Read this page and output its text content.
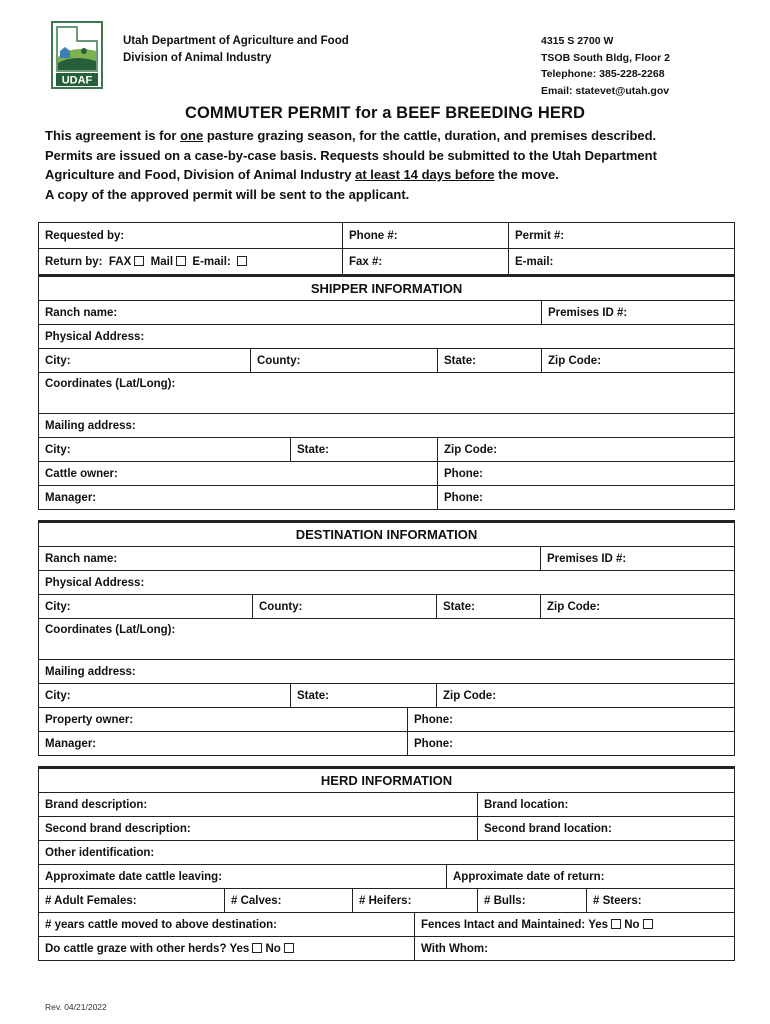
UDAF
Utah Department of Agriculture and Food
Division of Animal Industry
4315 S 2700 W
TSOB South Bldg, Floor 2
Telephone: 385-228-2268
Email: statevet@utah.gov
COMMUTER PERMIT for a BEEF BREEDING HERD
This agreement is for one pasture grazing season, for the cattle, duration, and premises described.
Permits are issued on a case-by-case basis. Requests should be submitted to the Utah Department
Agriculture and Food, Division of Animal Industry at least 14 days before the move.
A copy of the approved permit will be sent to the applicant.
Requested by:	Phone #:	Permit #:
Return by: FAX Mail E-mail:	Fax #:	E-mail:
SHIPPER INFORMATION				
Ranch name:				Premises ID #:
Physical Address:				
City:	County:		State:	Zip Code:
Coordinates (Lat/Long):				
Mailing address:				
City:		State:	Zip Code:	
Cattle owner:			Phone:	
Manager:			Phone:	
DESTINATION INFORMATION					
Ranch name:					Premises ID #:
Physical Address:					
City:	County:			State:	Zip Code:
Coordinates (Lat/Long):					
Mailing address:					
City:		State:		Zip Code:	
Property owner:			Phone:		
Manager:			Phone:		
HERD INFORMATION						
Brand description:					Brand location:	
Second brand description:					Second brand location:	
Other identification:						
Approximate date cattle leaving:				Approximate date of return:		
# Adult Females:	# Calves:	# Heifers:			# Bulls:	# Steers:
# years cattle moved to above destination:			Fences Intact and Maintained: Yes No			
Do cattle graze with other herds? Yes No			With Whom:			
Rev. 04/21/2022
